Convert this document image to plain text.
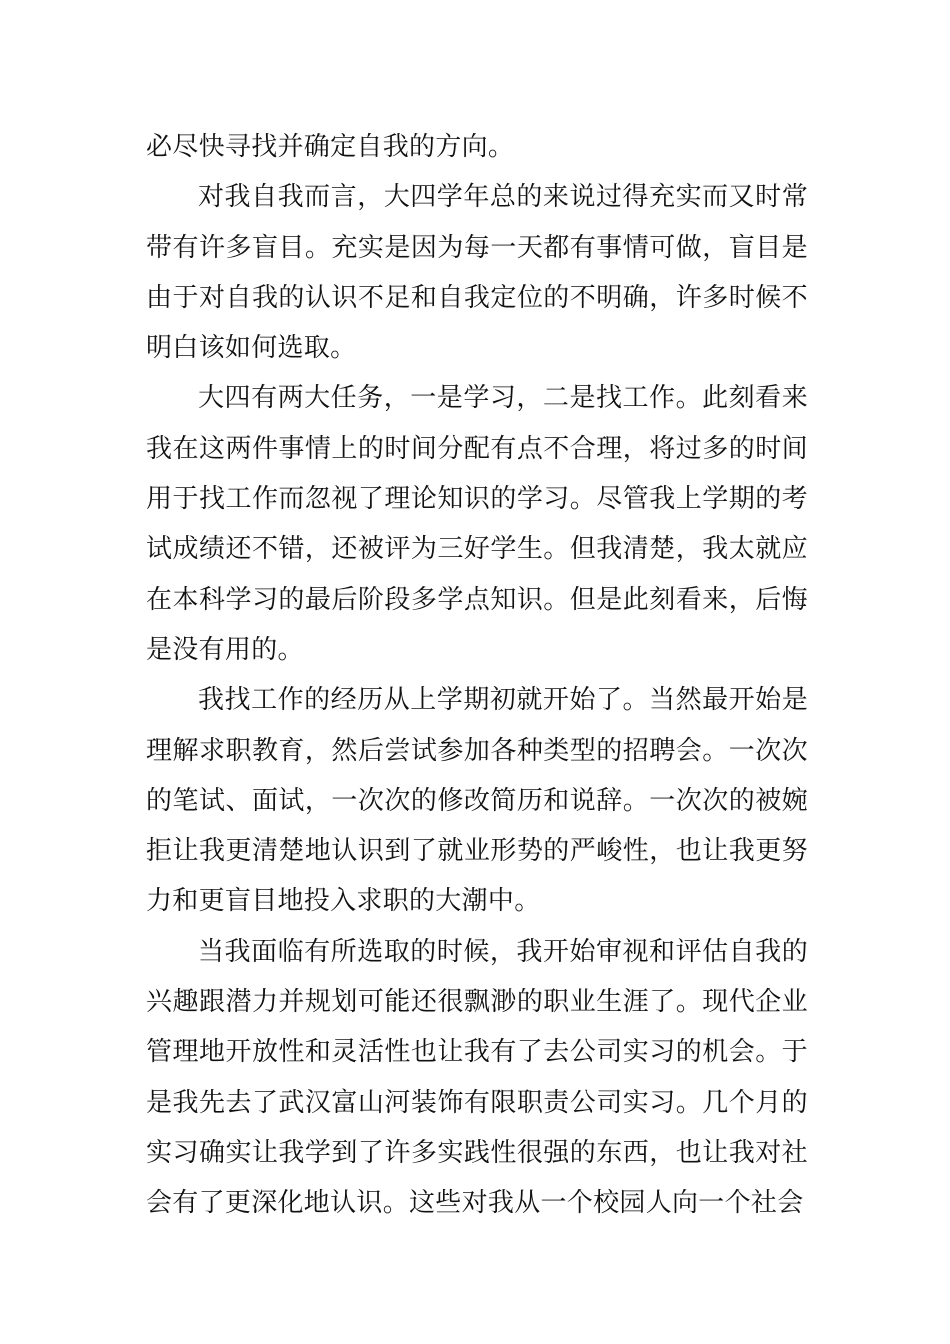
必尽快寻找并确定自我的方向。

对我自我而言，大四学年总的来说过得充实而又时常带有许多盲目。充实是因为每一天都有事情可做，盲目是由于对自我的认识不足和自我定位的不明确，许多时候不明白该如何选取。

大四有两大任务，一是学习，二是找工作。此刻看来我在这两件事情上的时间分配有点不合理，将过多的时间用于找工作而忽视了理论知识的学习。尽管我上学期的考试成绩还不错，还被评为三好学生。但我清楚，我太就应在本科学习的最后阶段多学点知识。但是此刻看来，后悔是没有用的。

我找工作的经历从上学期初就开始了。当然最开始是理解求职教育，然后尝试参加各种类型的招聘会。一次次的笔试、面试，一次次的修改简历和说辞。一次次的被婉拒让我更清楚地认识到了就业形势的严峻性，也让我更努力和更盲目地投入求职的大潮中。

当我面临有所选取的时候，我开始审视和评估自我的兴趣跟潜力并规划可能还很飘渺的职业生涯了。现代企业管理地开放性和灵活性也让我有了去公司实习的机会。于是我先去了武汉富山河装饰有限职责公司实习。几个月的实习确实让我学到了许多实践性很强的东西，也让我对社会有了更深化地认识。这些对我从一个校园人向一个社会
